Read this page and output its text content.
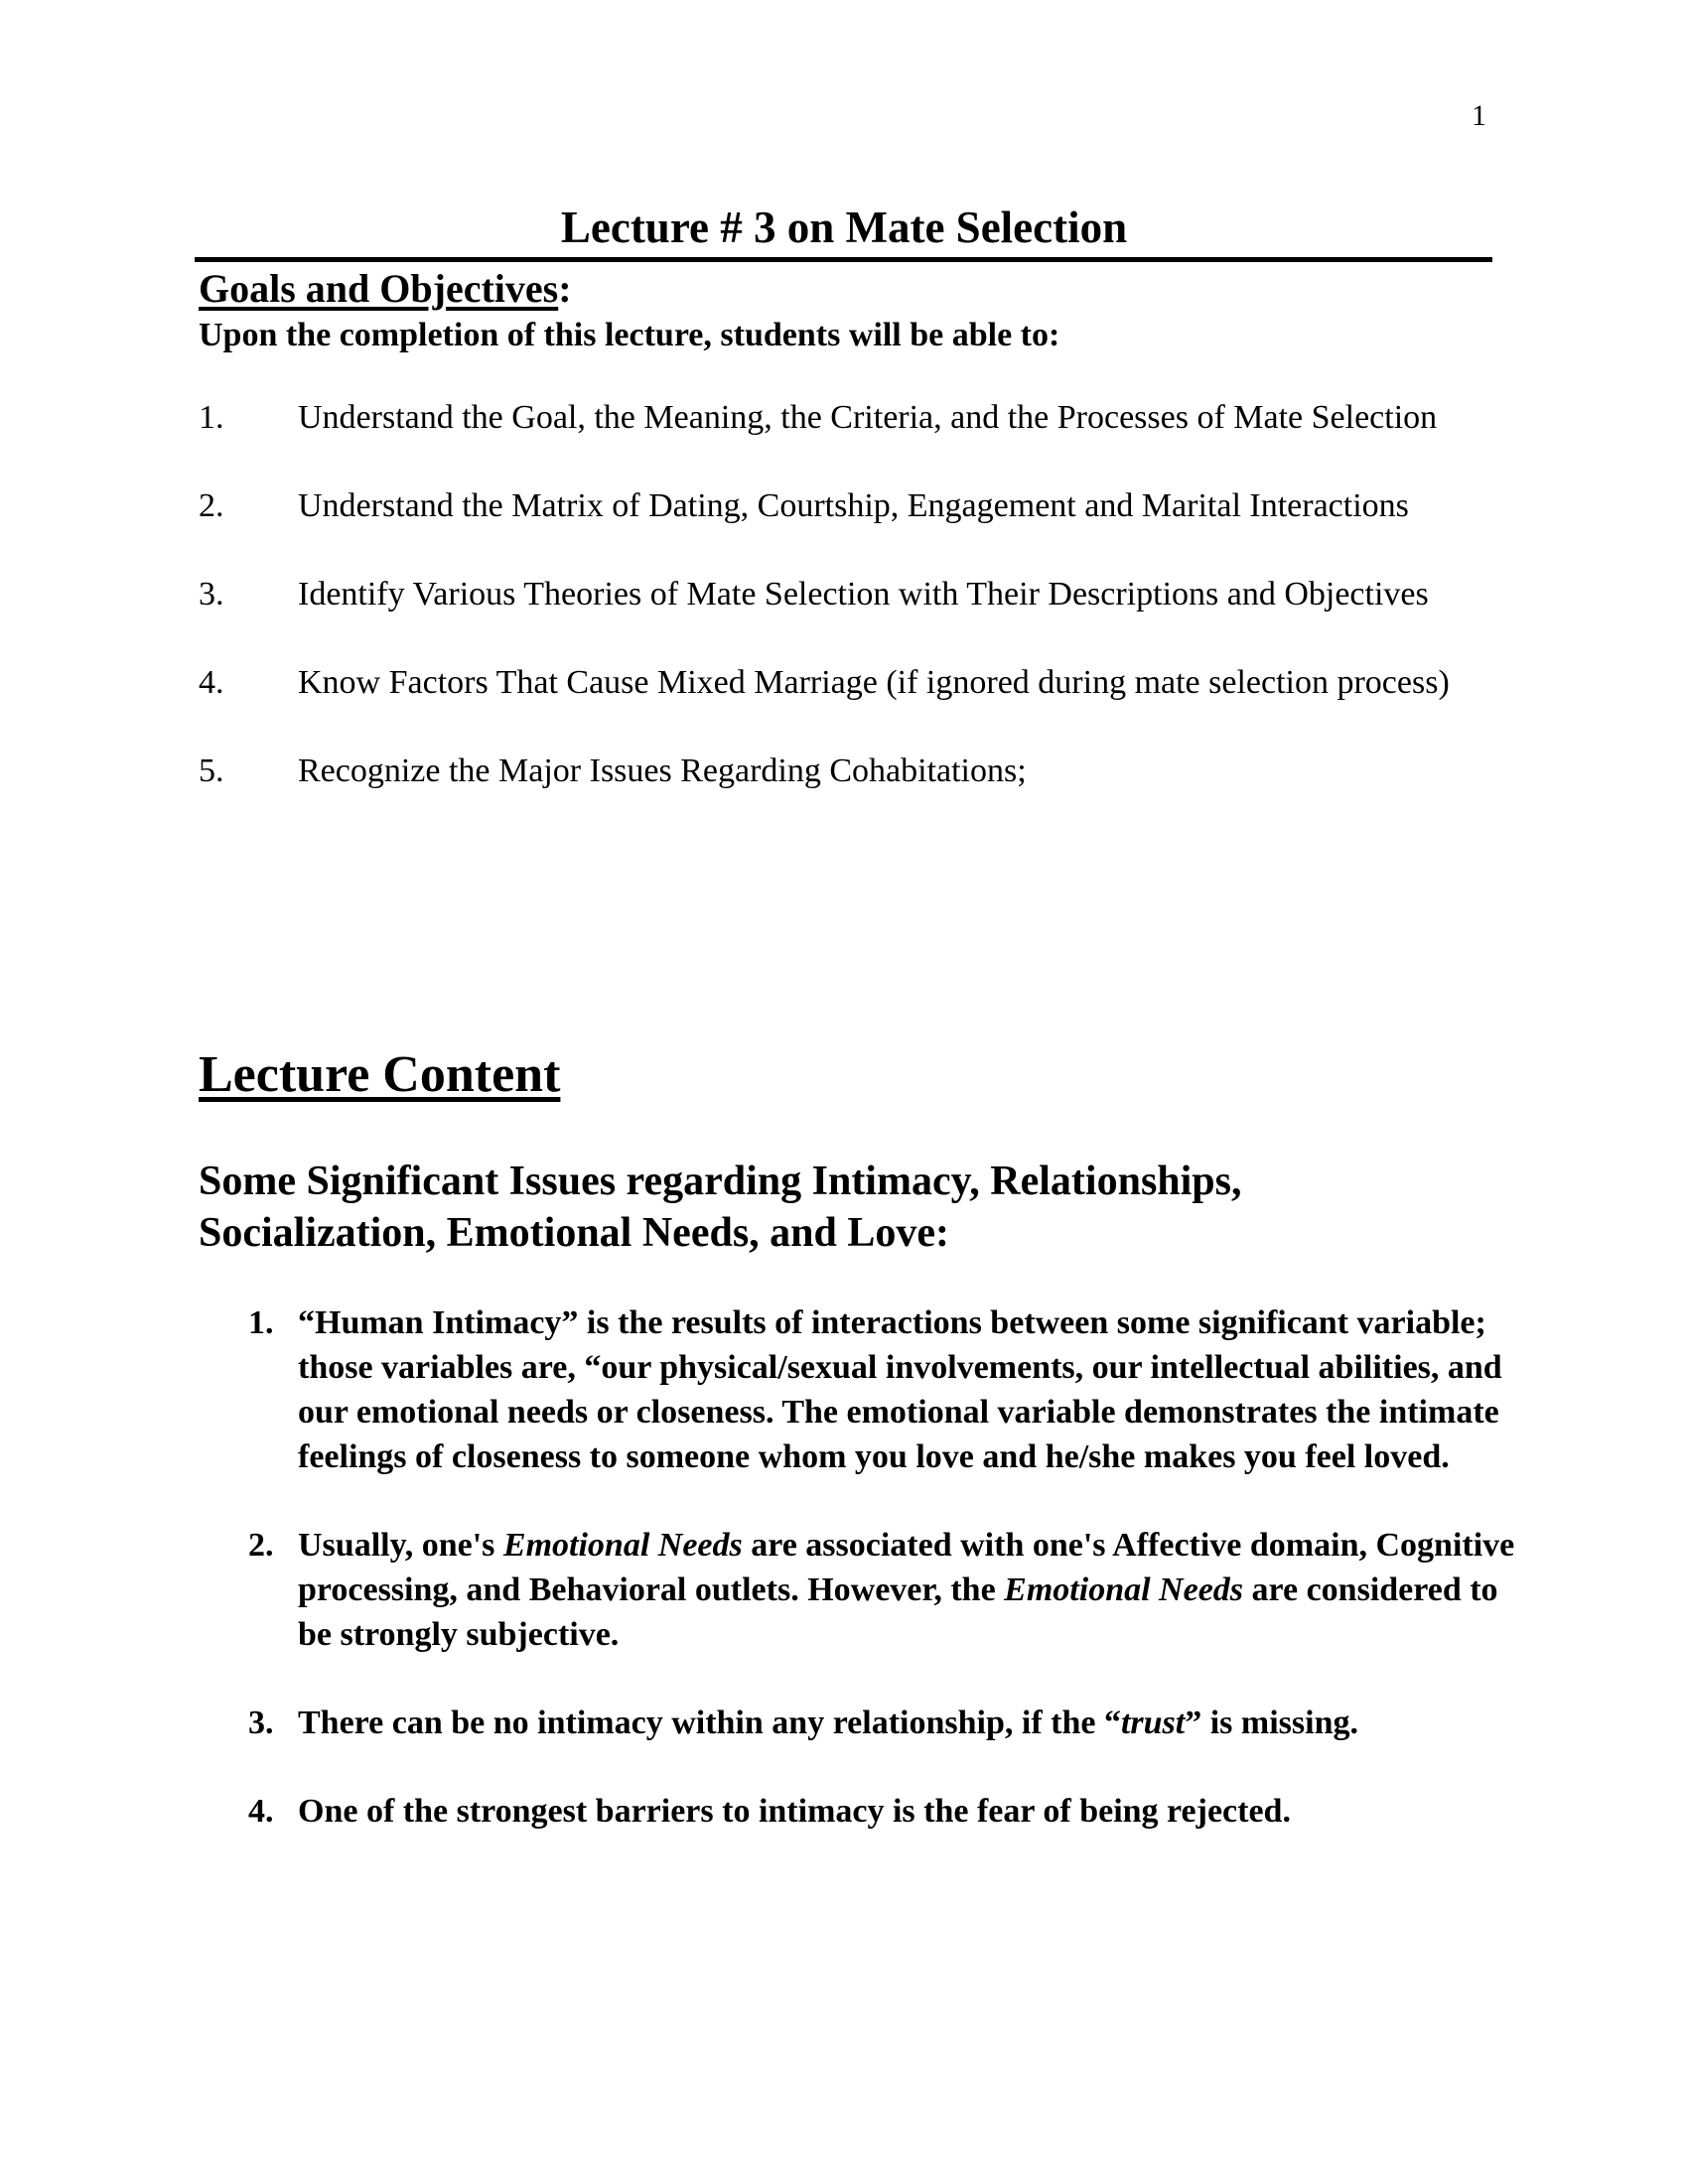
1
Lecture # 3 on Mate Selection
Goals and Objectives:

Upon the completion of this lecture, students will be able to:

1. Understand the Goal, the Meaning, the Criteria, and the Processes of Mate Selection
2. Understand the Matrix of Dating, Courtship, Engagement and Marital Interactions
3. Identify Various Theories of Mate Selection with Their Descriptions and Objectives
4. Know Factors That Cause Mixed Marriage (if ignored during mate selection process)
5. Recognize the Major Issues Regarding Cohabitations;
Lecture Content
Some Significant Issues regarding Intimacy, Relationships, Socialization, Emotional Needs, and Love:
1. “Human Intimacy” is the results of interactions between some significant variable; those variables are, “our physical/sexual involvements, our intellectual abilities, and our emotional needs or closeness. The emotional variable demonstrates the intimate feelings of closeness to someone whom you love and he/she makes you feel loved.
2. Usually, one's Emotional Needs are associated with one's Affective domain, Cognitive processing, and Behavioral outlets. However, the Emotional Needs are considered to be strongly subjective.
3. There can be no intimacy within any relationship, if the “trust” is missing.
4. One of the strongest barriers to intimacy is the fear of being rejected.
